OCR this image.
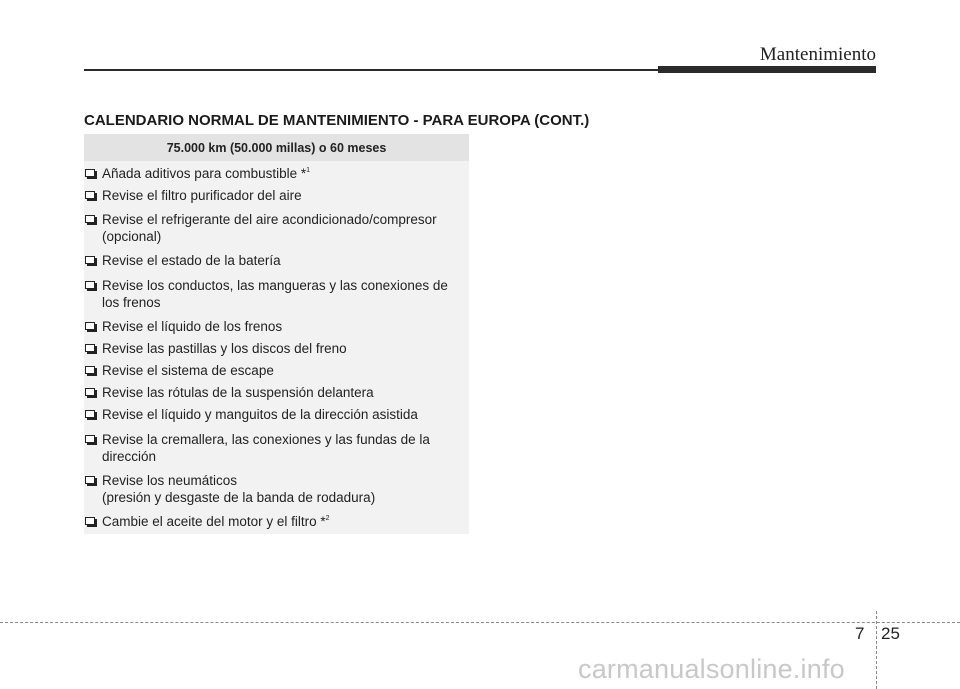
Mantenimiento
CALENDARIO NORMAL DE MANTENIMIENTO - PARA EUROPA (CONT.)
75.000 km (50.000 millas) o 60 meses
Añada aditivos para combustible *$^1$
Revise el filtro purificador del aire
Revise el refrigerante del aire acondicionado/compresor
(opcional)
Revise el estado de la batería
Revise los conductos, las mangueras y las conexiones de
los frenos
Revise el líquido de los frenos
Revise las pastillas y los discos del freno
Revise el sistema de escape
Revise las rótulas de la suspensión delantera
Revise el líquido y manguitos de la dirección asistida
Revise la cremallera, las conexiones y las fundas de la
dirección
Revise los neumáticos
(presión y desgaste de la banda de rodadura)
Cambie el aceite del motor y el filtro *$^2$
7 25
carmanualsonline.info
